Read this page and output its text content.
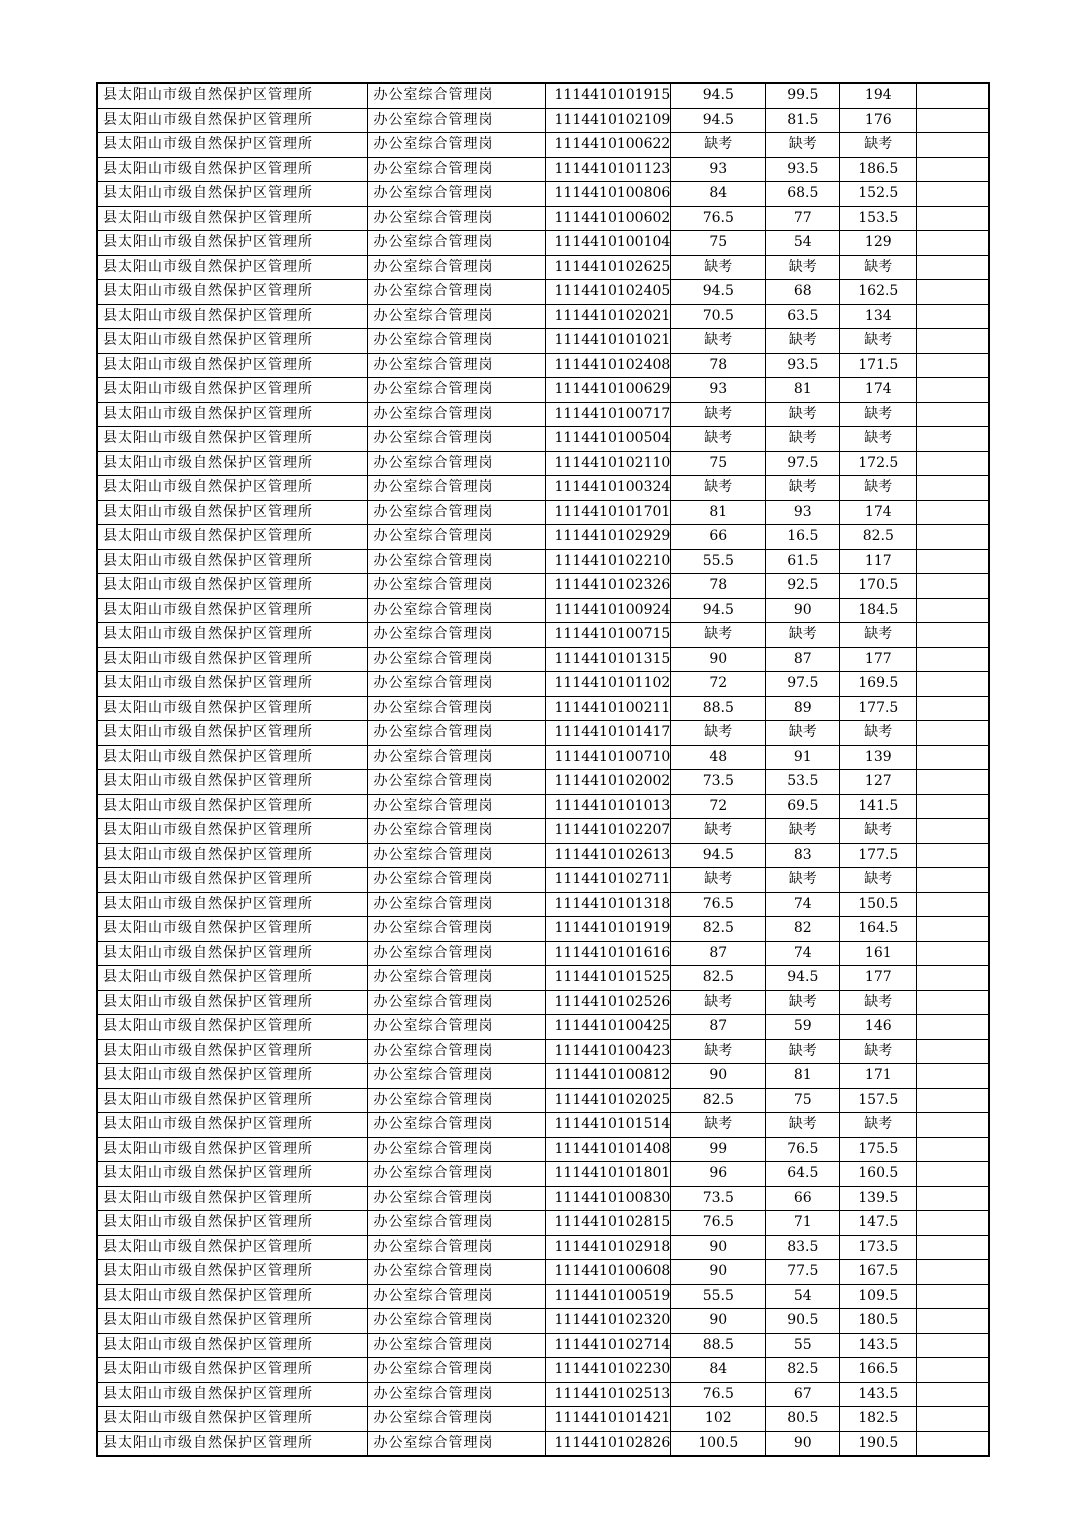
县太阳山市级自然保护区管理所	办公室综合管理岗	1114410101915	94.5	99.5	194	
县太阳山市级自然保护区管理所	办公室综合管理岗	1114410102109	94.5	81.5	176	
县太阳山市级自然保护区管理所	办公室综合管理岗	1114410100622	缺考	缺考	缺考	
县太阳山市级自然保护区管理所	办公室综合管理岗	1114410101123	93	93.5	186.5	
县太阳山市级自然保护区管理所	办公室综合管理岗	1114410100806	84	68.5	152.5	
县太阳山市级自然保护区管理所	办公室综合管理岗	1114410100602	76.5	77	153.5	
县太阳山市级自然保护区管理所	办公室综合管理岗	1114410100104	75	54	129	
县太阳山市级自然保护区管理所	办公室综合管理岗	1114410102625	缺考	缺考	缺考	
县太阳山市级自然保护区管理所	办公室综合管理岗	1114410102405	94.5	68	162.5	
县太阳山市级自然保护区管理所	办公室综合管理岗	1114410102021	70.5	63.5	134	
县太阳山市级自然保护区管理所	办公室综合管理岗	1114410101021	缺考	缺考	缺考	
县太阳山市级自然保护区管理所	办公室综合管理岗	1114410102408	78	93.5	171.5	
县太阳山市级自然保护区管理所	办公室综合管理岗	1114410100629	93	81	174	
县太阳山市级自然保护区管理所	办公室综合管理岗	1114410100717	缺考	缺考	缺考	
县太阳山市级自然保护区管理所	办公室综合管理岗	1114410100504	缺考	缺考	缺考	
县太阳山市级自然保护区管理所	办公室综合管理岗	1114410102110	75	97.5	172.5	
县太阳山市级自然保护区管理所	办公室综合管理岗	1114410100324	缺考	缺考	缺考	
县太阳山市级自然保护区管理所	办公室综合管理岗	1114410101701	81	93	174	
县太阳山市级自然保护区管理所	办公室综合管理岗	1114410102929	66	16.5	82.5	
县太阳山市级自然保护区管理所	办公室综合管理岗	1114410102210	55.5	61.5	117	
县太阳山市级自然保护区管理所	办公室综合管理岗	1114410102326	78	92.5	170.5	
县太阳山市级自然保护区管理所	办公室综合管理岗	1114410100924	94.5	90	184.5	
县太阳山市级自然保护区管理所	办公室综合管理岗	1114410100715	缺考	缺考	缺考	
县太阳山市级自然保护区管理所	办公室综合管理岗	1114410101315	90	87	177	
县太阳山市级自然保护区管理所	办公室综合管理岗	1114410101102	72	97.5	169.5	
县太阳山市级自然保护区管理所	办公室综合管理岗	1114410100211	88.5	89	177.5	
县太阳山市级自然保护区管理所	办公室综合管理岗	1114410101417	缺考	缺考	缺考	
县太阳山市级自然保护区管理所	办公室综合管理岗	1114410100710	48	91	139	
县太阳山市级自然保护区管理所	办公室综合管理岗	1114410102002	73.5	53.5	127	
县太阳山市级自然保护区管理所	办公室综合管理岗	1114410101013	72	69.5	141.5	
县太阳山市级自然保护区管理所	办公室综合管理岗	1114410102207	缺考	缺考	缺考	
县太阳山市级自然保护区管理所	办公室综合管理岗	1114410102613	94.5	83	177.5	
县太阳山市级自然保护区管理所	办公室综合管理岗	1114410102711	缺考	缺考	缺考	
县太阳山市级自然保护区管理所	办公室综合管理岗	1114410101318	76.5	74	150.5	
县太阳山市级自然保护区管理所	办公室综合管理岗	1114410101919	82.5	82	164.5	
县太阳山市级自然保护区管理所	办公室综合管理岗	1114410101616	87	74	161	
县太阳山市级自然保护区管理所	办公室综合管理岗	1114410101525	82.5	94.5	177	
县太阳山市级自然保护区管理所	办公室综合管理岗	1114410102526	缺考	缺考	缺考	
县太阳山市级自然保护区管理所	办公室综合管理岗	1114410100425	87	59	146	
县太阳山市级自然保护区管理所	办公室综合管理岗	1114410100423	缺考	缺考	缺考	
县太阳山市级自然保护区管理所	办公室综合管理岗	1114410100812	90	81	171	
县太阳山市级自然保护区管理所	办公室综合管理岗	1114410102025	82.5	75	157.5	
县太阳山市级自然保护区管理所	办公室综合管理岗	1114410101514	缺考	缺考	缺考	
县太阳山市级自然保护区管理所	办公室综合管理岗	1114410101408	99	76.5	175.5	
县太阳山市级自然保护区管理所	办公室综合管理岗	1114410101801	96	64.5	160.5	
县太阳山市级自然保护区管理所	办公室综合管理岗	1114410100830	73.5	66	139.5	
县太阳山市级自然保护区管理所	办公室综合管理岗	1114410102815	76.5	71	147.5	
县太阳山市级自然保护区管理所	办公室综合管理岗	1114410102918	90	83.5	173.5	
县太阳山市级自然保护区管理所	办公室综合管理岗	1114410100608	90	77.5	167.5	
县太阳山市级自然保护区管理所	办公室综合管理岗	1114410100519	55.5	54	109.5	
县太阳山市级自然保护区管理所	办公室综合管理岗	1114410102320	90	90.5	180.5	
县太阳山市级自然保护区管理所	办公室综合管理岗	1114410102714	88.5	55	143.5	
县太阳山市级自然保护区管理所	办公室综合管理岗	1114410102230	84	82.5	166.5	
县太阳山市级自然保护区管理所	办公室综合管理岗	1114410102513	76.5	67	143.5	
县太阳山市级自然保护区管理所	办公室综合管理岗	1114410101421	102	80.5	182.5	
县太阳山市级自然保护区管理所	办公室综合管理岗	1114410102826	100.5	90	190.5	
